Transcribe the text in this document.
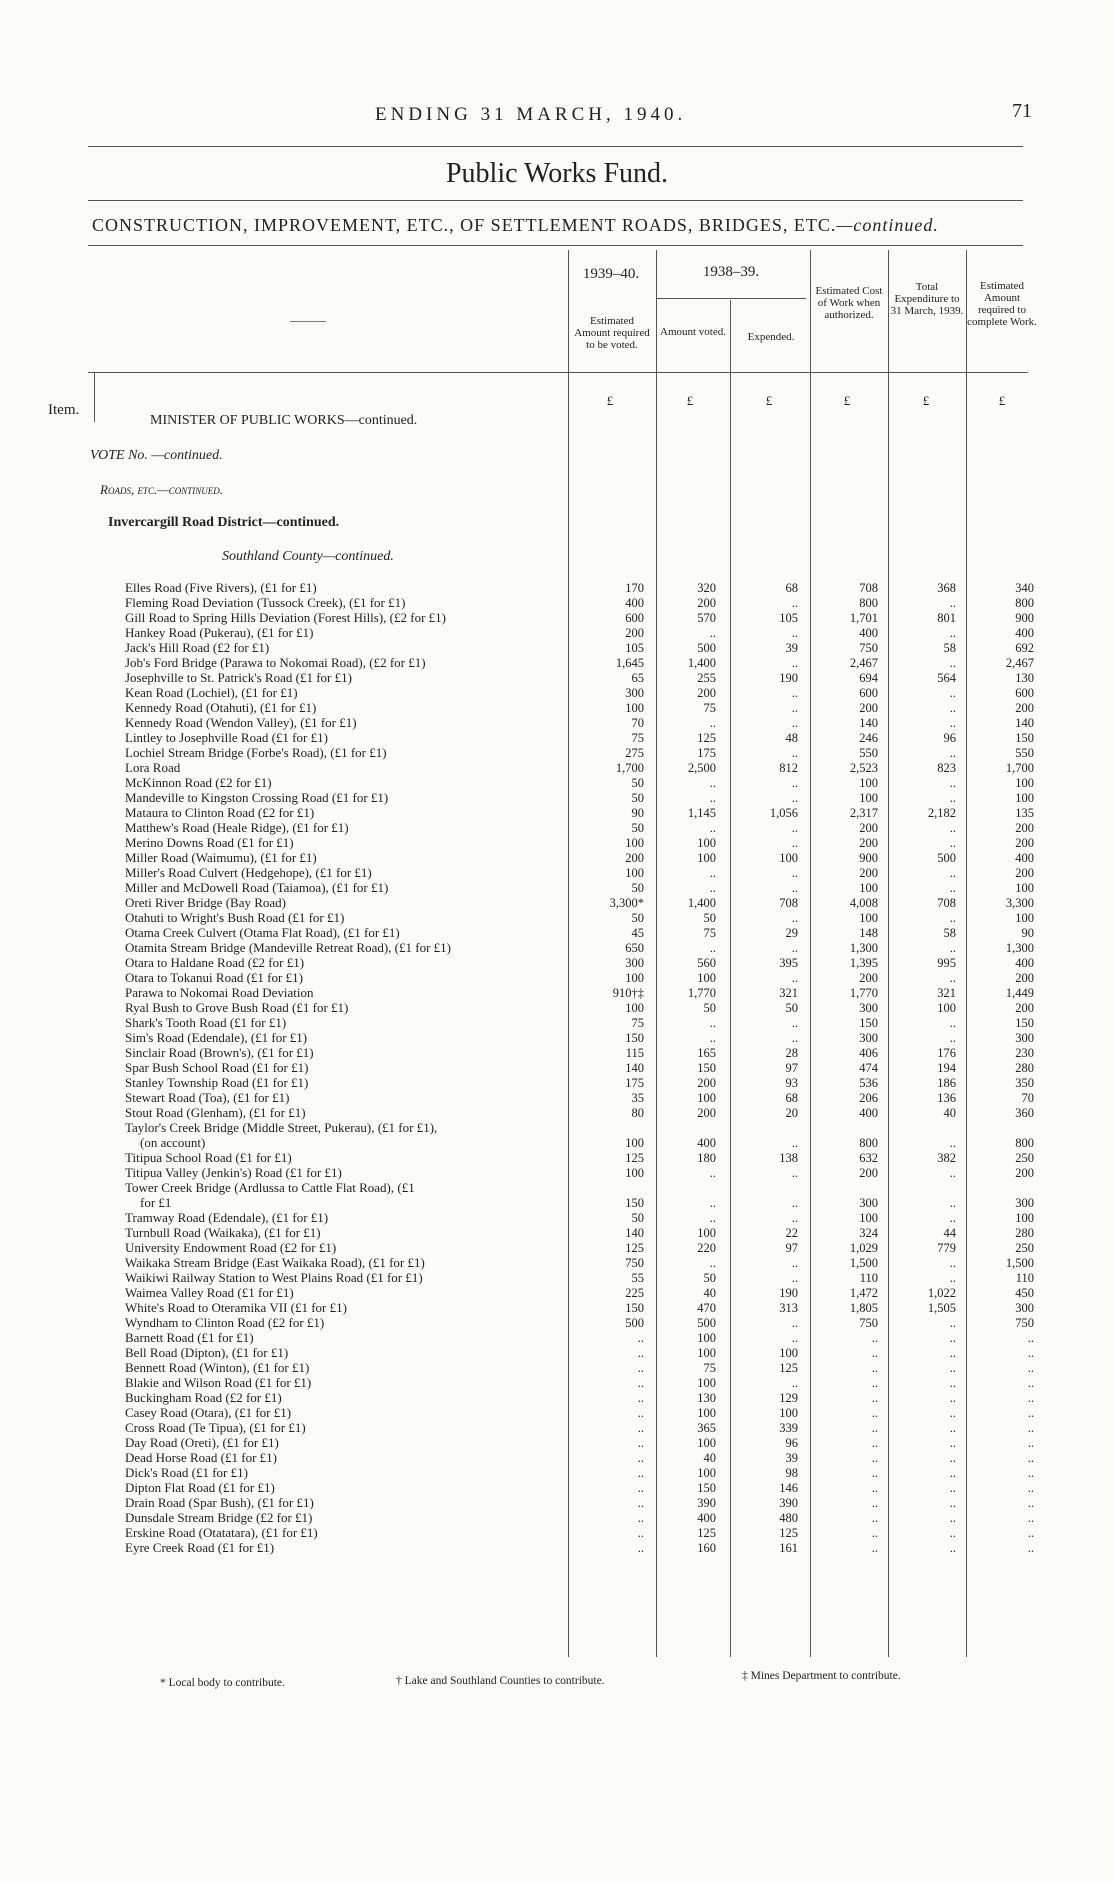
ENDING 31 MARCH, 1940.	71
Public Works Fund.
CONSTRUCTION, IMPROVEMENT, ETC., OF SETTLEMENT ROADS, BRIDGES, ETC.—continued.
———
1939–40.	1938–39.
Estimated Amount required to be voted.
Amount voted.	Expended.
Estimated Cost of Work when authorized.
Total Expenditure to 31 March, 1939.
Estimated Amount required to complete Work.
£	£	£	£	£	£
Item.
MINISTER OF PUBLIC WORKS—continued.
VOTE No. —continued.
Roads, etc.—continued.
Invercargill Road District—continued.
Southland County—continued.
Elles Road (Five Rivers), (£1 for £1)	170	320	68	708	368	340
Fleming Road Deviation (Tussock Creek), (£1 for £1)	400	200	..	800	..	800
Gill Road to Spring Hills Deviation (Forest Hills), (£2 for £1)	600	570	105	1,701	801	900
Hankey Road (Pukerau), (£1 for £1)	200	..	..	400	..	400
Jack's Hill Road (£2 for £1)	105	500	39	750	58	692
Job's Ford Bridge (Parawa to Nokomai Road), (£2 for £1)	1,645	1,400	..	2,467	..	2,467
Josephville to St. Patrick's Road (£1 for £1)	65	255	190	694	564	130
Kean Road (Lochiel), (£1 for £1)	300	200	..	600	..	600
Kennedy Road (Otahuti), (£1 for £1)	100	75	..	200	..	200
Kennedy Road (Wendon Valley), (£1 for £1)	70	..	..	140	..	140
Lintley to Josephville Road (£1 for £1)	75	125	48	246	96	150
Lochiel Stream Bridge (Forbe's Road), (£1 for £1)	275	175	..	550	..	550
Lora Road	1,700	2,500	812	2,523	823	1,700
McKinnon Road (£2 for £1)	50	..	..	100	..	100
Mandeville to Kingston Crossing Road (£1 for £1)	50	..	..	100	..	100
Mataura to Clinton Road (£2 for £1)	90	1,145	1,056	2,317	2,182	135
Matthew's Road (Heale Ridge), (£1 for £1)	50	..	..	200	..	200
Merino Downs Road (£1 for £1)	100	100	..	200	..	200
Miller Road (Waimumu), (£1 for £1)	200	100	100	900	500	400
Miller's Road Culvert (Hedgehope), (£1 for £1)	100	..	..	200	..	200
Miller and McDowell Road (Taiamoa), (£1 for £1)	50	..	..	100	..	100
Oreti River Bridge (Bay Road)	3,300*	1,400	708	4,008	708	3,300
Otahuti to Wright's Bush Road (£1 for £1)	50	50	..	100	..	100
Otama Creek Culvert (Otama Flat Road), (£1 for £1)	45	75	29	148	58	90
Otamita Stream Bridge (Mandeville Retreat Road), (£1 for £1)	650	..	..	1,300	..	1,300
Otara to Haldane Road (£2 for £1)	300	560	395	1,395	995	400
Otara to Tokanui Road (£1 for £1)	100	100	..	200	..	200
Parawa to Nokomai Road Deviation	910†‡	1,770	321	1,770	321	1,449
Ryal Bush to Grove Bush Road (£1 for £1)	100	50	50	300	100	200
Shark's Tooth Road (£1 for £1)	75	..	..	150	..	150
Sim's Road (Edendale), (£1 for £1)	150	..	..	300	..	300
Sinclair Road (Brown's), (£1 for £1)	115	165	28	406	176	230
Spar Bush School Road (£1 for £1)	140	150	97	474	194	280
Stanley Township Road (£1 for £1)	175	200	93	536	186	350
Stewart Road (Toa), (£1 for £1)	35	100	68	206	136	70
Stout Road (Glenham), (£1 for £1)	80	200	20	400	40	360
Taylor's Creek Bridge (Middle Street, Pukerau), (£1 for £1),
(on account)	100	400	..	800	..	800
Titipua School Road (£1 for £1)	125	180	138	632	382	250
Titipua Valley (Jenkin's) Road (£1 for £1)	100	..	..	200	..	200
Tower Creek Bridge (Ardlussa to Cattle Flat Road), (£1
for £1	150	..	..	300	..	300
Tramway Road (Edendale), (£1 for £1)	50	..	..	100	..	100
Turnbull Road (Waikaka), (£1 for £1)	140	100	22	324	44	280
University Endowment Road (£2 for £1)	125	220	97	1,029	779	250
Waikaka Stream Bridge (East Waikaka Road), (£1 for £1)	750	..	..	1,500	..	1,500
Waikiwi Railway Station to West Plains Road (£1 for £1)	55	50	..	110	..	110
Waimea Valley Road (£1 for £1)	225	40	190	1,472	1,022	450
White's Road to Oteramika VII (£1 for £1)	150	470	313	1,805	1,505	300
Wyndham to Clinton Road (£2 for £1)	500	500	..	750	..	750
Barnett Road (£1 for £1)	..	100	..	..	..	..
Bell Road (Dipton), (£1 for £1)	..	100	100	..	..	..
Bennett Road (Winton), (£1 for £1)	..	75	125	..	..	..
Blakie and Wilson Road (£1 for £1)	..	100	..	..	..	..
Buckingham Road (£2 for £1)	..	130	129	..	..	..
Casey Road (Otara), (£1 for £1)	..	100	100	..	..	..
Cross Road (Te Tipua), (£1 for £1)	..	365	339	..	..	..
Day Road (Oreti), (£1 for £1)	..	100	96	..	..	..
Dead Horse Road (£1 for £1)	..	40	39	..	..	..
Dick's Road (£1 for £1)	..	100	98	..	..	..
Dipton Flat Road (£1 for £1)	..	150	146	..	..	..
Drain Road (Spar Bush), (£1 for £1)	..	390	390	..	..	..
Dunsdale Stream Bridge (£2 for £1)	..	400	480	..	..	..
Erskine Road (Otatatara), (£1 for £1)	..	125	125	..	..	..
Eyre Creek Road (£1 for £1)	..	160	161	..	..	..
* Local body to contribute.	† Lake and Southland Counties to contribute.	‡ Mines Department to contribute.
